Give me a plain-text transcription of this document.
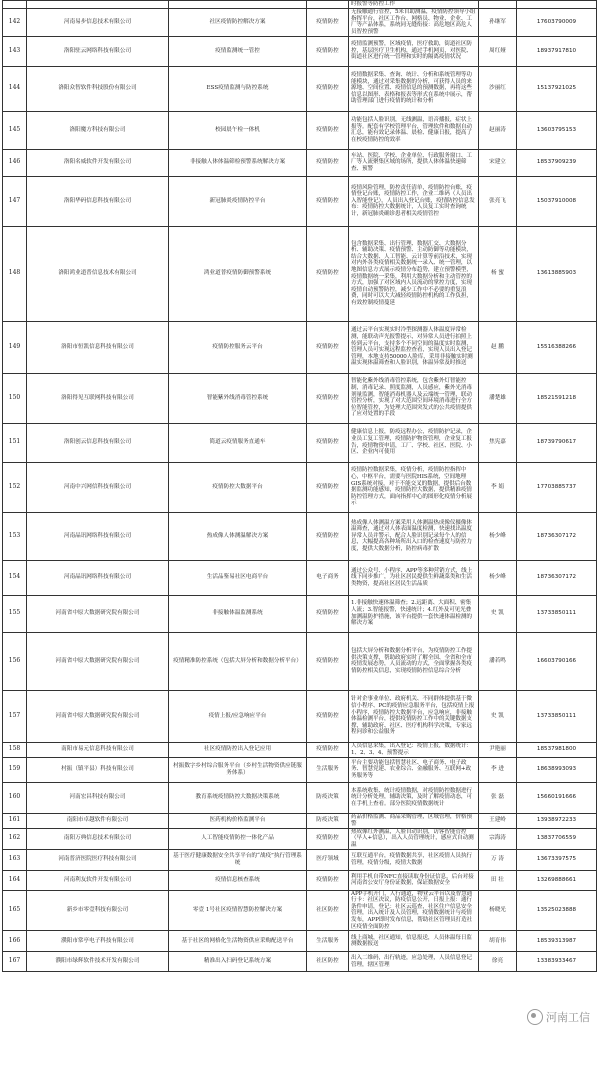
				时报警等防控工作		
142	河南易步信息技术有限公司	社区疫情防控解决方案	疫情防控	无接触通行管控，5米自助测温，疫情防控领导小组指挥平台，社区工作台、网格员、物业、企业、工厂等产品体系，系统同无缝衔接：高危地区高危人员智控预警	孙继军	17603790009
143	洛阳驻云网络科技有限公司	疫情监测统一管控	疫情防控	疫情监测预警，区域疫情，医疗救助，街道社区防控，基层医疗卫生机构，通过手机网页，对医院、街道社区进行统一管理和实时的隔离疫情状况	周红娅	18937917810
144	洛阳众智软件科技股份有限公司	ESS疫情监测与防控系统	疫情防控	疫情数据采集、查询、统计、分析和系统管理等功能模块，通过对采集数据的分析，可获得人员的来源地、空间位置、疫情信息的预测数据，再将这些信息以图形、表格和报表等形式在系统中展示，帮助管理部门进行疫情的统计和分析	沙丽红	15137921025
145	洛阳魔方科技有限公司	校园晨午检一体机	疫情防控	功能包括人脸识别，无线测温，语音播报，症状上报等。配套有学校管理平台，管理软件和数据自动汇总，能有效记录体温、晨检、健康日报，提高了在校疫情防控的效率	赵丽涛	13603795153
146	洛阳名威软件开发有限公司	非接触人体体温筛检预警系统解决方案	疫情防控	车站、医院、学校、企业单位、行政服务窗口、工厂等人流聚集区域的场所，提供人体体温快速筛查、预警	宋建立	18537909239
147	洛阳华码信息科技有限公司	新冠肺炎疫情防控平台	疫情防控	疫情风险管理，防控责任清单，疫情防控台账，疫情登记台账，疫情防控工作，企业二维码（人员出入智能登记），人员出入登记台账，疫情防控信息发布：疫情防控大数据统计，人员复工实时查询统计，新冠肺炎确诊患者相关疫情管控	张亮飞	15037910008
148	洛阳鸿业道普信息技术有限公司	鸿业道普疫情防御预警系统	疫情防控	包含数据采集、出行管理、数据汇交、大数据分析、辅助决策、疫情预警、主动防御等功能模块，结合大数据、人工智能、云计算等前沿技术，实现对内外各类疫情相关数据统一录入、统一管理，以地图信息方式展示疫情分布趋势，建立预警模型，疫情数据统一采集，利用大数据分析和主动管控的方式，加强了对区域内人员流动的掌控力度，实现疫情自动预警防控，减少工作中不必要的重复浪费，同时可以大大减轻疫情防控机构的工作负担，有效控制疫情蔓延	杨 蜜	13613885903
149	洛阳市恒凯信息科技有限公司	疫情防控服务云平台	疫情防控	通过云平台实现实时冷型探测器人体温度异常检测，能联动声光报警提示，对异常人员进行拍照上传到云平台，支持多个不同空间的温度实时监测，管理人员可实现远程监控查看，实现人员出入登记管理，本地支持50000人脸库，采用非接触实时测温实现体温筛查和人脸识别，体温异常及时推送	赵 鹏	15516388266
150	洛阳得见互联网科技有限公司	智能紫外线消毒管控系统	疫情防控	智能化紫外线消毒管控系统，包含紫外灯智能控制，消毒记录、照度监测，人员感应，紫外光消毒剂量监测，智能消毒机器人及云端统一管理，联动管控分析，实现了对大范围空间环境消毒进行全方位智能管控，为处理大范围突发式的公共疫情提供了应对处置的手段	潘楚雄	18521591218
151	洛阳创云信息科技有限公司	简道云疫情服务直通车	疫情防控	健康信息上报，防疫远程办公，疫情防护记录，企业员工复工管理，疫情防护物资管理，企业复工报告，疫情物资申请，工厂、学校、社区、医院、小区、企业内可使用	焦宪嘉	18739790617
152	河南中兴网信科技有限公司	疫情防控大数据平台	疫情防控	疫情防控数据采集，疫情分析，疫情防控指挥中心，中枢平台，需要与医院HIS系统，空间地理GIS系统对接，对于不能交叉的数据，提供后台数据监测功能感知，疫情防控大数据，提供精准疫情防控管理方式，面向指挥中心的图形化疫情分析展示	李 娟	17703885737
153	河南晶讯网络科技有限公司	热成像人体测温解决方案	疫情防控	热成像人体测温方案采用人体测温热成像仪摄像体温筛查，通过对人体表面温度检测，快速找出温度异常人员并警示，配合人脸识别记录每个人的信息，大幅提高各种场所出入口的检查速度与防控力度，提供大数据分析，防控病毒扩散	杨少峰	18736307172
154	河南晶讯网络科技有限公司	生活品鉴易社区电商平台	电子商务	通过公众号、小程序、APP等多种营销方式，线上线下同步推广，为社区居民提供生鲜蔬菜类和生活类物资，提高社区居民生活品质	杨少峰	18736307172
155	河南省中原大数据研究院有限公司	非接触体温监测系统	疫情防控	1.非接触快速体温筛查；2.远距离、大面积、密集人流；3.智能报警，快速统计；4.红外及可见光叠加测温防护措施，该平台提供一套快速体温检测的解决方案	史 凯	13733850111
156	河南省中原大数据研究院有限公司	疫情精准防控系统（包括大屏分析和数据分析平台）	疫情防控	包括大屏分析和数据分析平台，为疫情防控工作提供决策支撑，帮助政府实时了解全国、全省和全市疫情发展态势，人员流动的方式，全面掌握各类疫情防控相关信息，实现疫情防控信息综合分析	潘若鸣	16603790166
157	河南省中原大数据研究院有限公司	疫情上报/应急响应平台	疫情防控	针对企事业单位、政府机关、不同群体提供基于微信小程序、PC的疫情应急服务平台，包括疫情上报小程序，疫情防控大数据平台，应急响应，非接触体温检测平台，提供疫情防控工作中的关键数据支撑，辅助政府、社区、医疗机构科学决策，专家远程问诊和公益服务	史 凯	13733850111
158	南阳市易元信息科技有限公司	社区疫情防控出入登记应用	疫情防控	人员信息采集，出入登记：疫情上报，数据统计：1、2、3、4、预警提示	尹艳丽	18537981800
159	村振（镇平县）科技有限公司	村振数字乡村综合服务平台（乡村生活物资供应链服务体系）	生活服务	平台主要功能包括智慧社区、电子商务、电子政务、智慧党建、农业综合、金融服务、互联网+政务服务等	李 进	18638993093
160	河南宏昌科技有限公司	教育系统疫情防控大数据决策系统	防疫决策	本系统收集、统计疫情数据，对疫情防控数据进行统计分析处理，辅助决策，及时了解疫情动态，可在手机上查看。部分医院疫情数据统计	张 磊	15660191666
161	南阳市卓越软件有限公司	医药机构价格监测平台	防疫决策	药品价格监测、商品采购管理，区域管理，价格预警	王建岭	13938972233
162	南阳万典信息技术有限公司	人工智能疫情防控一体化产品	疫情防控	热成像红外测温，人脸自动识别，访客智能管控（早人+信息），出入人员管理统计，感应式自动测温	宗海涛	13837706559
163	河南普济医院医疗科技有限公司	基于医疗健康数据安全共享平台的“战疫”执行管理系统	医疗领域	互联互通平台，疫情数据共享，社区疫情人员执行管理，疫情分级，疫情大数据	万 涛	13673397575
164	河南利友软件开发有限公司	疫情信息核查系统	疫情防控	利用手机自带NFC直接读取身份证信息，后台对接河南省公安厅身份证数据，保证数据安全	田 壮	13269888661
165	新乡市零壹科技有限公司	零壹 1号社区疫情智慧防控解决方案	社区防控	APP手机开门，人行通道，物业云平台以及智慧通行卡：社区决议，防疫信息公开，日报上报：通行条件申请，登记：社区云巡查，社区住户信息安全管理，出入统计及人员管理，疫情数据统计与疫情发布，APP即时发布信息，帮助社区管理员打造社区疫情全面防控	杨晓光	13525023888
166	濮阳市常亭电子科技有限公司	基于社区的网格化生活物资供应采购配送平台	生活服务	线上商城，社区通知，信息报送，人员体温每日监测数据报送	胡育伟	18539313987
167	濮阳市绿辉软件技术开发有限公司	精准出入扫码登记系统方案	社区防控	出入二维码，出行轨迹，应急处理，人员信息登记管理，辖区管理	徐亮	13383933467
河南工信
